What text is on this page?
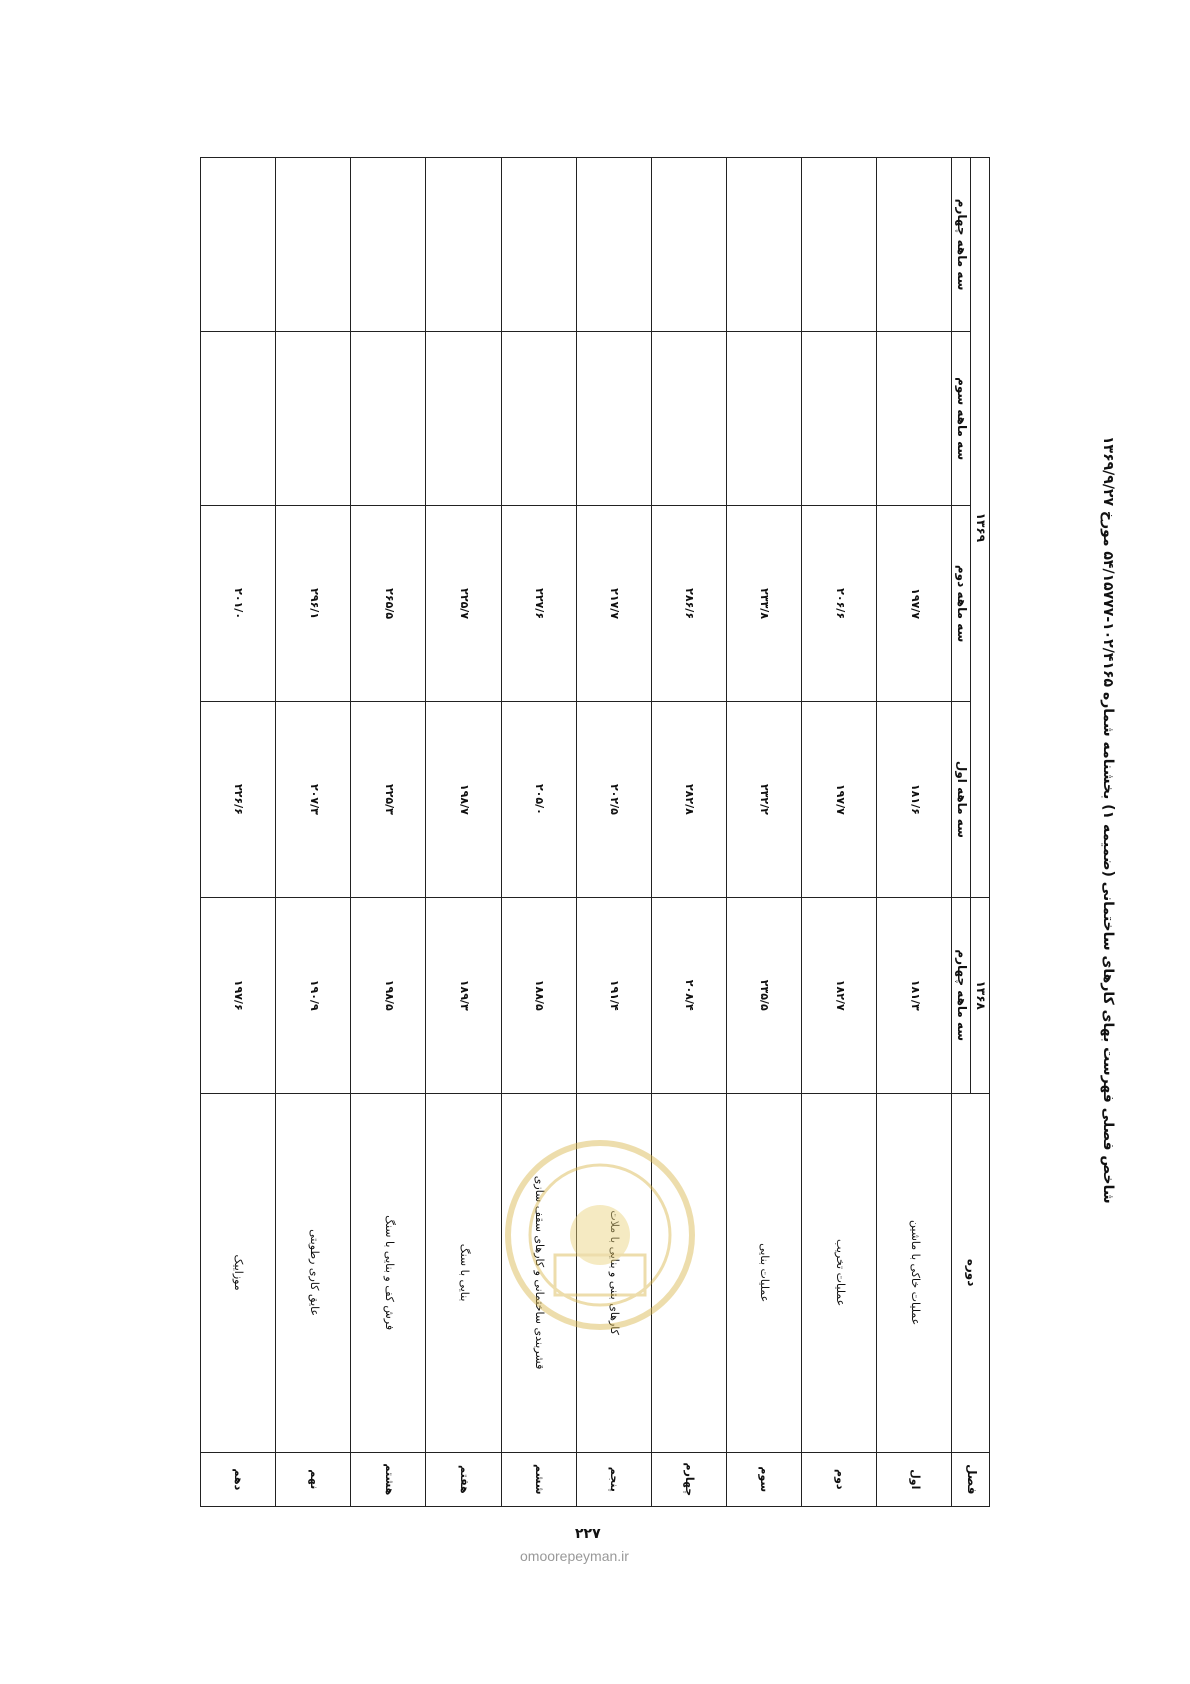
شاخص فصلی فهرست بهای کارهای ساختمانی (ضمیمه ۱) بخشنامه شماره ۱۰۲/۴۱۶۵-۵۴/۱۵۷۷۷ مورخ ۱۳۶۹/۹/۲۷
فصل	دوره	۱۳۶۸	۱۳۶۹			
		سه ماهه چهارم	سه ماهه اول	سه ماهه دوم	سه ماهه سوم	سه ماهه چهارم
اول	عملیات خاکی با ماشین	۱۸۱/۳	۱۸۱/۶	۱۹۷/۷		
دوم	عملیات تخریب	۱۸۲/۷	۱۹۷/۷	۲۰۶/۶		
سوم	عملیات بنایی	۲۳۵/۵	۲۳۲/۲	۲۳۳/۸		
چهارم		۲۰۸/۴	۲۸۲/۸	۲۸۶/۶		
پنجم	کارهای بتنی و بنایی با ملات	۱۹۱/۴	۲۰۲/۵	۲۱۷/۷		
ششم	قشربندی ساختمانی و کارهای سقف سازی	۱۸۸/۵	۲۰۵/۰	۲۲۷/۶		
هفتم	بنایی با سنگ	۱۸۹/۳	۱۹۸/۷	۲۲۵/۷		
هشتم	فرش کف و بنایی با سنگ	۱۹۸/۵	۲۲۵/۳	۲۶۵/۵		
نهم	عایق کاری رطوبتی	۱۹۰/۹	۲۰۷/۳	۲۹۶/۱		
دهم	موزاییک	۱۹۷/۶	۲۲۶/۶	۲۰۱/۰		
۲۲۷
omoorepeyman.ir
